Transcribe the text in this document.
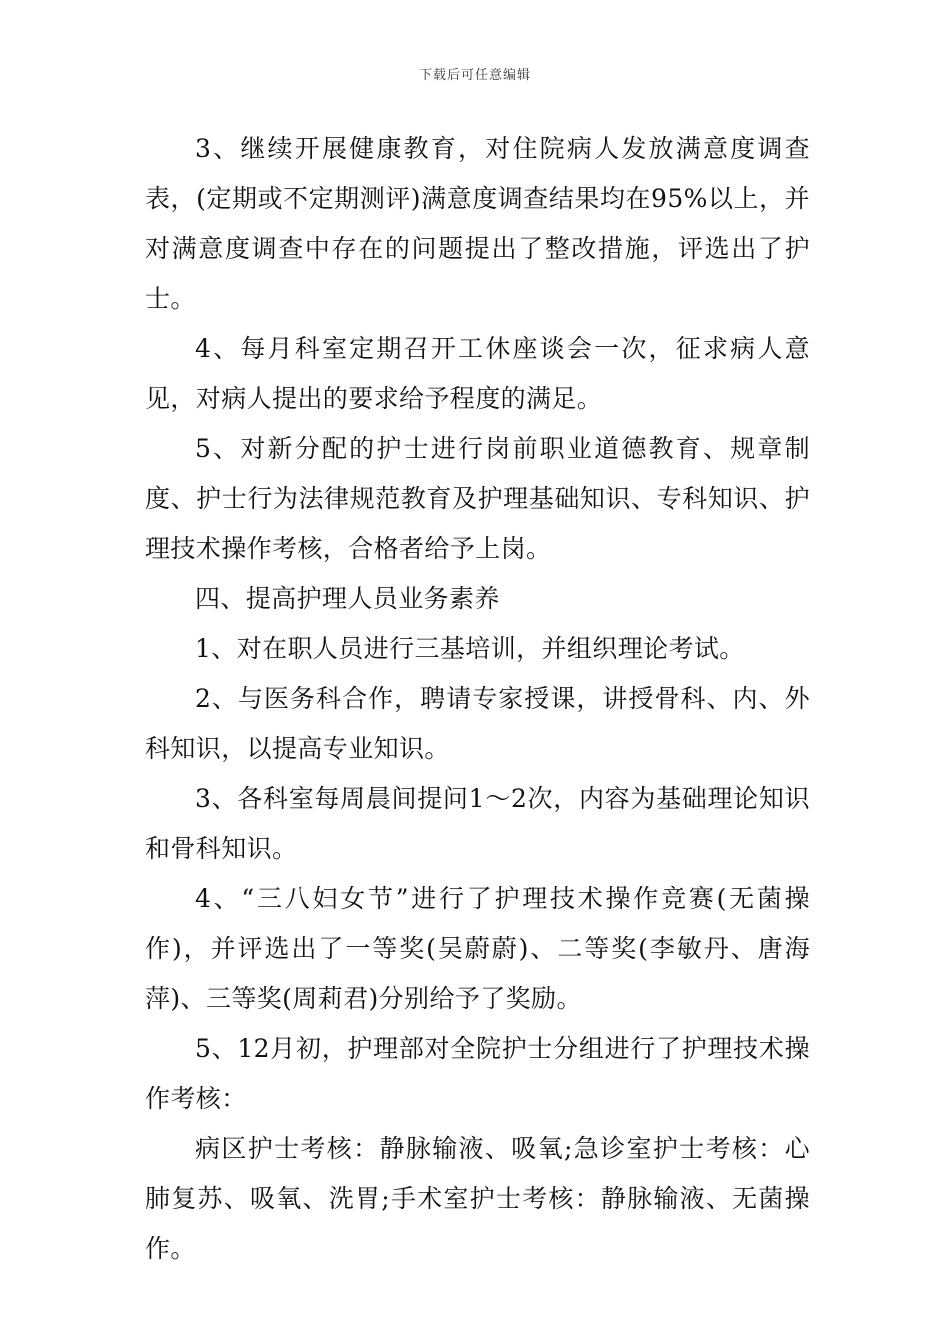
下载后可任意编辑

3、继续开展健康教育，对住院病人发放满意度调查表，(定期或不定期测评)满意度调查结果均在95%以上，并对满意度调查中存在的问题提出了整改措施，评选出了护士。

4、每月科室定期召开工休座谈会一次，征求病人意见，对病人提出的要求给予程度的满足。

5、对新分配的护士进行岗前职业道德教育、规章制度、护士行为法律规范教育及护理基础知识、专科知识、护理技术操作考核，合格者给予上岗。

四、提高护理人员业务素养

1、对在职人员进行三基培训，并组织理论考试。

2、与医务科合作，聘请专家授课，讲授骨科、内、外科知识，以提高专业知识。

3、各科室每周晨间提问1～2次，内容为基础理论知识和骨科知识。

4、“三八妇女节”进行了护理技术操作竞赛(无菌操作)，并评选出了一等奖(吴蔚蔚)、二等奖(李敏丹、唐海萍)、三等奖(周莉君)分别给予了奖励。

5、12月初，护理部对全院护士分组进行了护理技术操作考核：

病区护士考核：静脉输液、吸氧;急诊室护士考核：心肺复苏、吸氧、洗胃;手术室护士考核：静脉输液、无菌操作。
